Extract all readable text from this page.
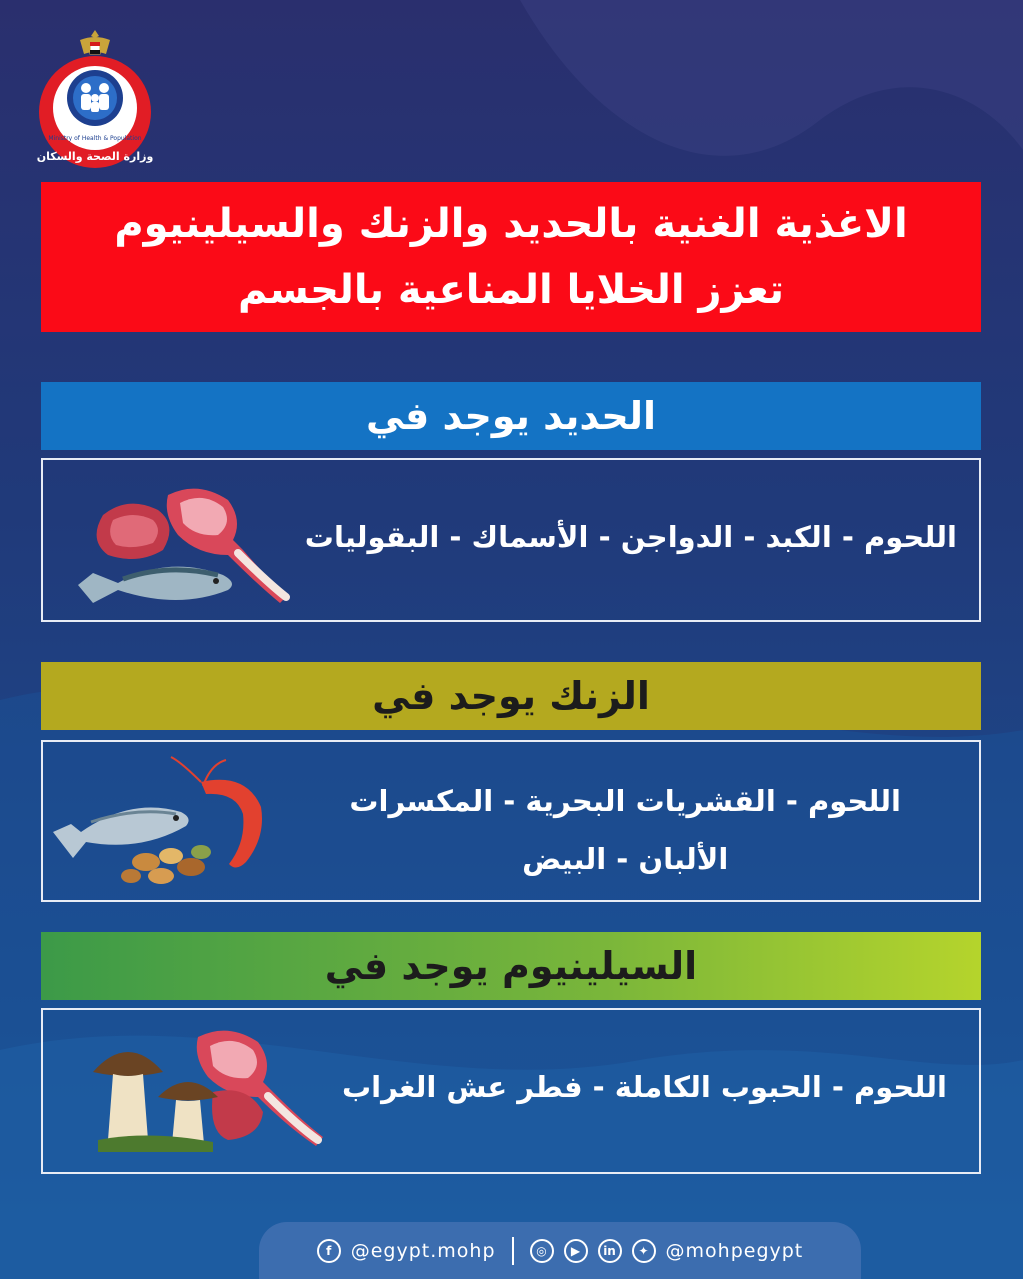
Ministry of Health & Population
وزارة الصحة والسكان
الاغذية الغنية بالحديد والزنك والسيلينيوم
تعزز الخلايا المناعية بالجسم
الحديد يوجد في
اللحوم - الكبد - الدواجن - الأسماك - البقوليات
الزنك يوجد في
اللحوم - القشريات البحرية - المكسرات
الألبان - البيض
السيلينيوم يوجد في
اللحوم - الحبوب الكاملة - فطر عش الغراب
f	@egypt.mohp	◎	▶	in	✦ @mohpegypt
